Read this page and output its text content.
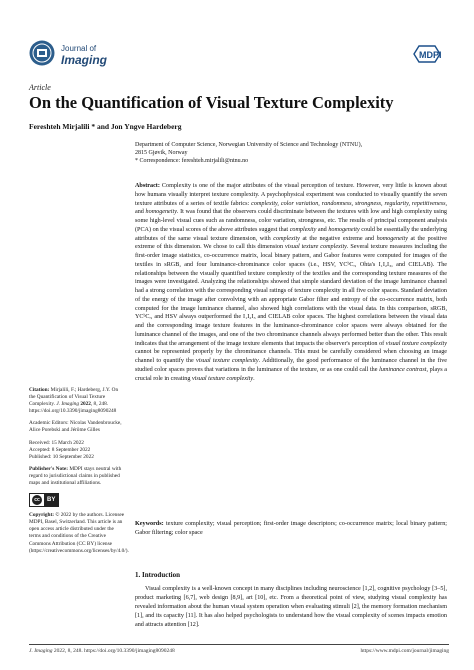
Journal of
Imaging	MDPI
Article
On the Quantification of Visual Texture Complexity
Fereshteh Mirjalili * and Jon Yngve Hardeberg
Department of Computer Science, Norwegian University of Science and Technology (NTNU),
2815 Gjøvik, Norway
* Correspondence: fereshteh.mirjalili@ntnu.no
Abstract: Complexity is one of the major attributes of the visual perception of texture. However, very little is known about how humans visually interpret texture complexity. A psychophysical experiment was conducted to visually quantify the seven texture attributes of a series of textile fabrics: complexity, color variation, randomness, strongness, regularity, repetitiveness, and homogeneity. It was found that the observers could discriminate between the textures with low and high complexity using some high-level visual cues such as randomness, color variation, strongness, etc. The results of principal component analysis (PCA) on the visual scores of the above attributes suggest that complexity and homogeneity could be essentially the underlying attributes of the same visual texture dimension, with complexity at the negative extreme and homogeneity at the positive extreme of this dimension. We chose to call this dimension visual texture complexity. Several texture measures including the first-order image statistics, co-occurrence matrix, local binary pattern, and Gabor features were computed for images of the textiles in sRGB, and four luminance-chrominance color spaces (i.e., HSV, YCᵇCᵣ, Ohta's I₁I₂I₃, and CIELAB). The relationships between the visually quantified texture complexity of the textiles and the corresponding texture measures of the images were investigated. Analyzing the relationships showed that simple standard deviation of the image luminance channel had a strong correlation with the corresponding visual ratings of texture complexity in all five color spaces. Standard deviation of the energy of the image after convolving with an appropriate Gabor filter and entropy of the co-occurrence matrix, both computed for the image luminance channel, also showed high correlations with the visual data. In this comparison, sRGB, YCᵇCᵣ, and HSV always outperformed the I₁I₂I₃ and CIELAB color spaces. The highest correlations between the visual data and the corresponding image texture features in the luminance-chrominance color spaces were always obtained for the luminance channel of the images, and one of the two chrominance channels always performed better than the other. This result indicates that the arrangement of the image texture elements that impacts the observer's perception of visual texture complexity cannot be represented properly by the chrominance channels. This must be carefully considered when choosing an image channel to quantify the visual texture complexity. Additionally, the good performance of the luminance channel in the five studied color spaces proves that variations in the luminance of the texture, or as one could call the luminance contrast, plays a crucial role in creating visual texture complexity.
Keywords: texture complexity; visual perception; first-order image descriptors; co-occurrence matrix; local binary pattern; Gabor filtering; color space

Citation: Mirjalili, F.; Hardeberg, J.Y. On the Quantification of Visual Texture Complexity. J. Imaging 2022, 8, 248. https://doi.org/10.3390/jimaging8090248

Academic Editors: Nicolas Vandenbroucke, Alice Porebski and Jérôme Gilles

Received: 15 March 2022
Accepted: 8 September 2022
Published: 10 September 2022

Publisher's Note: MDPI stays neutral with regard to jurisdictional claims in published maps and institutional affiliations.

cc	BY

Copyright: © 2022 by the authors. Licensee MDPI, Basel, Switzerland. This article is an open access article distributed under the terms and conditions of the Creative Commons Attribution (CC BY) license (https://creativecommons.org/licenses/by/4.0/).

1. Introduction
Visual complexity is a well-known concept in many disciplines including neuroscience [1,2], cognitive psychology [3–5], product marketing [6,7], web design [8,9], art [10], etc. From a theoretical point of view, studying visual complexity has revealed information about the human visual system operation when evaluating stimuli [2], the memory formation mechanism [1], and its capacity [11]. It has also helped psychologists to understand how the visual complexity of scenes impacts emotion and attracts attention [12].
J. Imaging 2022, 8, 248. https://doi.org/10.3390/jimaging8090248	https://www.mdpi.com/journal/jimaging
